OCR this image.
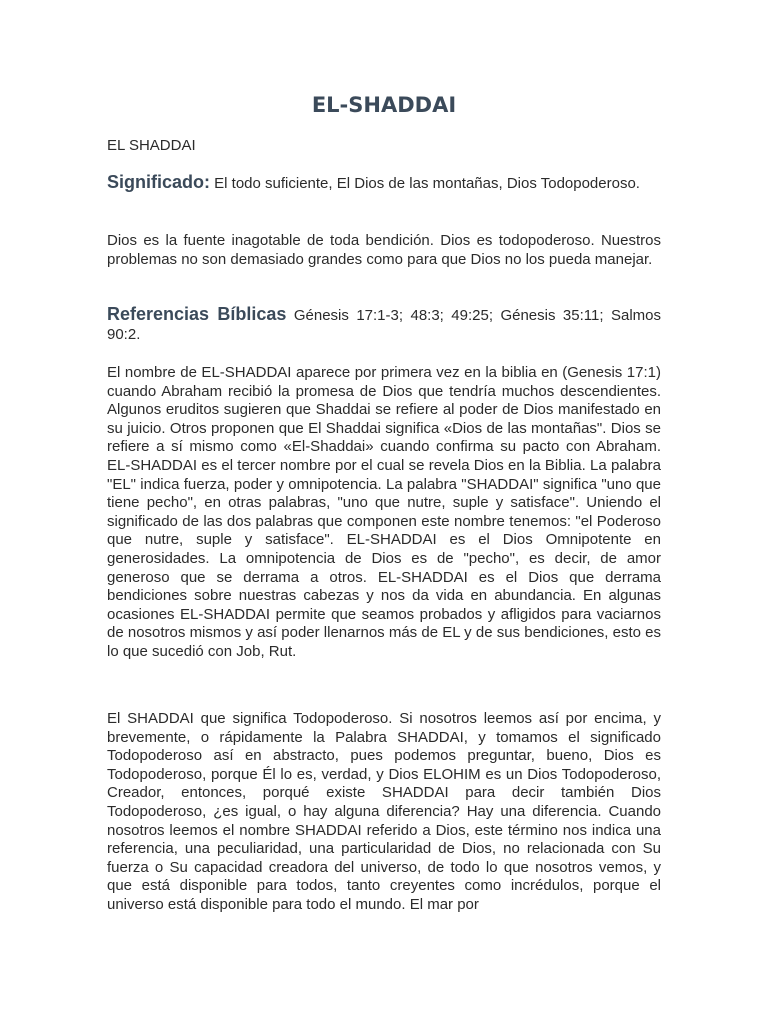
EL-SHADDAI
EL SHADDAI

Significado: El todo suficiente, El Dios de las montañas, Dios Todopoderoso.

Dios es la fuente inagotable de toda bendición. Dios es todopoderoso. Nuestros problemas no son demasiado grandes como para que Dios no los pueda manejar.

Referencias Bíblicas Génesis 17:1-3; 48:3; 49:25; Génesis 35:11; Salmos 90:2.

El nombre de EL-SHADDAI aparece por primera vez en la biblia en (Genesis 17:1) cuando Abraham recibió la promesa de Dios que tendría muchos descendientes. Algunos eruditos sugieren que Shaddai se refiere al poder de Dios manifestado en su juicio. Otros proponen que El Shaddai significa «Dios de las montañas". Dios se refiere a sí mismo como «El-Shaddai» cuando confirma su pacto con Abraham. EL-SHADDAI es el tercer nombre por el cual se revela Dios en la Biblia. La palabra "EL" indica fuerza, poder y omnipotencia. La palabra "SHADDAI" significa "uno que tiene pecho", en otras palabras, "uno que nutre, suple y satisface". Uniendo el significado de las dos palabras que componen este nombre tenemos: "el Poderoso que nutre, suple y satisface". EL-SHADDAI es el Dios Omnipotente en generosidades. La omnipotencia de Dios es de "pecho", es decir, de amor generoso que se derrama a otros. EL-SHADDAI es el Dios que derrama bendiciones sobre nuestras cabezas y nos da vida en abundancia. En algunas ocasiones EL-SHADDAI permite que seamos probados y afligidos para vaciarnos de nosotros mismos y así poder llenarnos más de EL y de sus bendiciones, esto es lo que sucedió con Job, Rut.

El SHADDAI que significa Todopoderoso. Si nosotros leemos así por encima, y brevemente, o rápidamente la Palabra SHADDAI, y tomamos el significado Todopoderoso así en abstracto, pues podemos preguntar, bueno, Dios es Todopoderoso, porque Él lo es, verdad, y Dios ELOHIM es un Dios Todopoderoso, Creador, entonces, porqué existe SHADDAI para decir también Dios Todopoderoso, ¿es igual, o hay alguna diferencia? Hay una diferencia. Cuando nosotros leemos el nombre SHADDAI referido a Dios, este término nos indica una referencia, una peculiaridad, una particularidad de Dios, no relacionada con Su fuerza o Su capacidad creadora del universo, de todo lo que nosotros vemos, y que está disponible para todos, tanto creyentes como incrédulos, porque el universo está disponible para todo el mundo. El mar por
